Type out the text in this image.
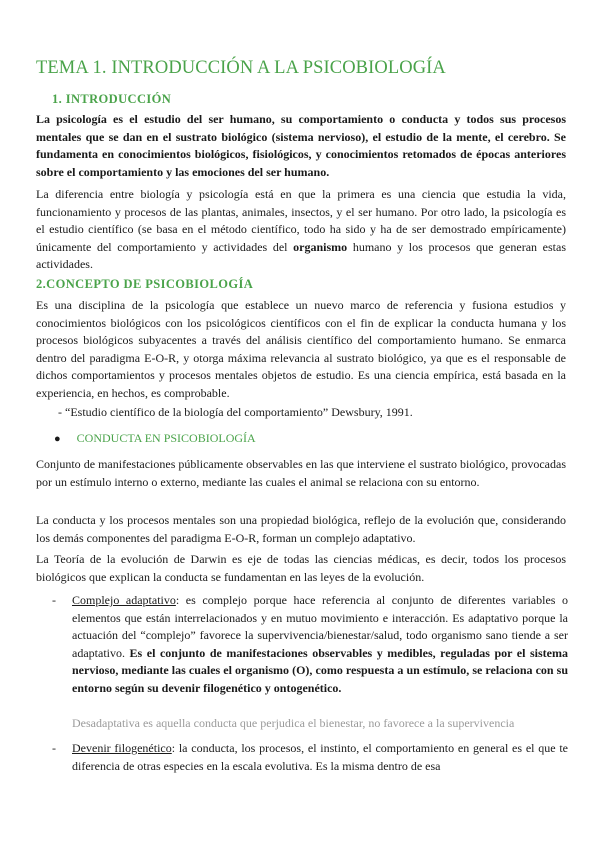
TEMA 1. INTRODUCCIÓN A LA PSICOBIOLOGÍA
1. INTRODUCCIÓN

La psicología es el estudio del ser humano, su comportamiento o conducta y todos sus procesos mentales que se dan en el sustrato biológico (sistema nervioso), el estudio de la mente, el cerebro. Se fundamenta en conocimientos biológicos, fisiológicos, y conocimientos retomados de épocas anteriores sobre el comportamiento y las emociones del ser humano.

La diferencia entre biología y psicología está en que la primera es una ciencia que estudia la vida, funcionamiento y procesos de las plantas, animales, insectos, y el ser humano. Por otro lado, la psicología es el estudio científico (se basa en el método científico, todo ha sido y ha de ser demostrado empíricamente) únicamente del comportamiento y actividades del organismo humano y los procesos que generan estas actividades.

2.CONCEPTO DE PSICOBIOLOGÍA

Es una disciplina de la psicología que establece un nuevo marco de referencia y fusiona estudios y conocimientos biológicos con los psicológicos científicos con el fin de explicar la conducta humana y los procesos biológicos subyacentes a través del análisis científico del comportamiento humano. Se enmarca dentro del paradigma E-O-R, y otorga máxima relevancia al sustrato biológico, ya que es el responsable de dichos comportamientos y procesos mentales objetos de estudio. Es una ciencia empírica, está basada en la experiencia, en hechos, es comprobable.

- “Estudio científico de la biología del comportamiento” Dewsbury, 1991.
● CONDUCTA EN PSICOBIOLOGÍA

Conjunto de manifestaciones públicamente observables en las que interviene el sustrato biológico, provocadas por un estímulo interno o externo, mediante las cuales el animal se relaciona con su entorno.

La conducta y los procesos mentales son una propiedad biológica, reflejo de la evolución que, considerando los demás componentes del paradigma E-O-R, forman un complejo adaptativo.

La Teoría de la evolución de Darwin es eje de todas las ciencias médicas, es decir, todos los procesos biológicos que explican la conducta se fundamentan en las leyes de la evolución.

- Complejo adaptativo: es complejo porque hace referencia al conjunto de diferentes variables o elementos que están interrelacionados y en mutuo movimiento e interacción. Es adaptativo porque la actuación del “complejo” favorece la supervivencia/bienestar/salud, todo organismo sano tiende a ser adaptativo. Es el conjunto de manifestaciones observables y medibles, reguladas por el sistema nervioso, mediante las cuales el organismo (O), como respuesta a un estímulo, se relaciona con su entorno según su devenir filogenético y ontogenético.
Desadaptativa es aquella conducta que perjudica el bienestar, no favorece a la supervivencia
- Devenir filogenético: la conducta, los procesos, el instinto, el comportamiento en general es el que te diferencia de otras especies en la escala evolutiva. Es la misma dentro de esa
